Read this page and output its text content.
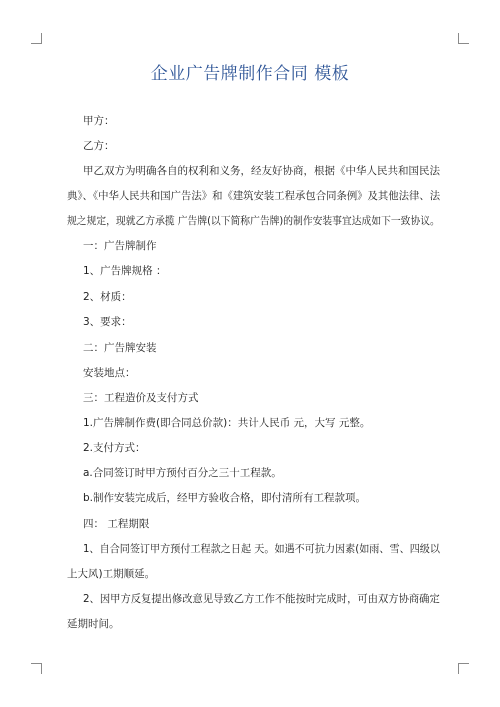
企业广告牌制作合同 模板
甲方：
乙方：
甲乙双方为明确各自的权利和义务，经友好协商，根据《中华人民共和国民法
典》、《中华人民共和国广告法》和《建筑安装工程承包合同条例》及其他法律、法
规之规定，现就乙方承揽 广告牌(以下简称广告牌)的制作安装事宜达成如下一致协议。
一：广告牌制作
1、广告牌规格 ：
2、材质：
3、要求：
二：广告牌安装
安装地点：
三：工程造价及支付方式
1.广告牌制作费(即合同总价款)：共计人民币 元，大写 元整。
2.支付方式：
a.合同签订时甲方预付百分之三十工程款。
b.制作安装完成后，经甲方验收合格，即付清所有工程款项。
四： 工程期限
1、自合同签订甲方预付工程款之日起 天。如遇不可抗力因素(如雨、雪、四级以
上大风)工期顺延。
2、因甲方反复提出修改意见导致乙方工作不能按时完成时，可由双方协商确定
延期时间。
